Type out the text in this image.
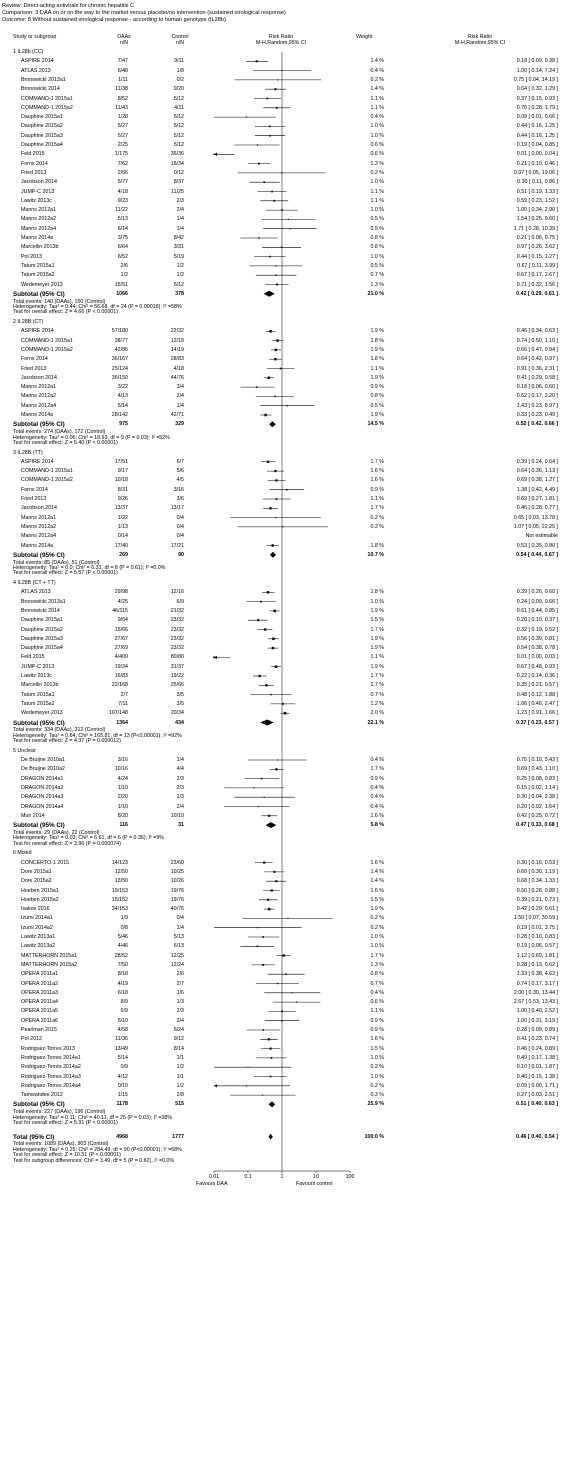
Review: Direct-acting antivirals for chronic hepatitis C
Comparison: 3 DAA on or on the way to the market versus placebo/no intervention (sustained virological response)
Outcome: 8 Without sustained virological response - according to human genotype (IL28b)
Study or subgroup	DAAs
n/N
Control
n/N
Risk Ratio
M-H,Random,95% CI
Weight	Risk Ratio
M-H,Random,95% CI
1 IL28b (CC)
ASPIRE 2014	7/47	9/11	1.4 %	0.18 [ 0.09, 0.38 ]
ATLAS 2013	6/48	1/8	0.4 %	1.00 [ 0.14, 7.24 ]
Bronowicki 2013a1	1/11	0/2	0.2 %	0.75 [ 0.04, 14.19 ]
Bronowicki 2014	11/38	9/20	1.4 %	0.64 [ 0.32, 1.29 ]
COMMAND-1 2015a1	8/52	5/12	1.1 %	0.37 [ 0.15, 0.93 ]
COMMAND-1 2015a2	11/43	4/11	1.1 %	0.70 [ 0.28, 1.79 ]
Dauphine 2015a1	1/28	5/12	0.4 %	0.09 [ 0.01, 0.66 ]
Dauphine 2015a2	5/27	5/12	1.0 %	0.44 [ 0.16, 1.25 ]
Dauphine 2015a3	5/27	5/12	1.0 %	0.44 [ 0.16, 1.25 ]
Dauphine 2015a4	2/25	5/12	0.6 %	0.19 [ 0.04, 0.85 ]
Feld 2015	1/175	36/36	0.6 %	0.01 [ 0.00, 0.04 ]
Forns 2014	7/62	18/34	1.3 %	0.21 [ 0.10, 0.46 ]
Fried 2013	2/66	0/12	0.2 %	0.97 [ 0.05, 19.06 ]
Jacobson 2014	5/77	8/37	1.0 %	0.30 [ 0.11, 0.86 ]
JUMP-C 2013	4/18	11/25	1.1 %	0.51 [ 0.19, 1.33 ]
Lawitz 2013c	9/23	2/3	1.1 %	0.59 [ 0.23, 1.52 ]
Manns 2012a1	11/22	2/4	1.0 %	1.00 [ 0.34, 2.90 ]
Manns 2012a2	5/13	1/4	0.5 %	1.54 [ 0.25, 9.60 ]
Manns 2012a4	6/14	1/4	0.5 %	1.71 [ 0.28, 10.39 ]
Manns 2014a	3/75	8/42	0.8 %	0.21 [ 0.06, 0.75 ]
Marcellin 2013b	6/64	3/31	0.8 %	0.97 [ 0.26, 3.62 ]
Pol 2013	6/52	5/19	1.0 %	0.44 [ 0.15, 1.27 ]
Tatum 2015a1	2/6	1/2	0.5 %	0.67 [ 0.11, 3.99 ]
Tatum 2015a2	1/2	1/2	0.7 %	0.67 [ 0.17, 2.67 ]
Wedemeyer 2013	15/51	5/12	1.3 %	0.71 [ 0.32, 1.56 ]
Subtotal (95% CI)	1066	378	21.0 %	0.42 [ 0.29, 0.61 ]
Total events: 140 (DAAs), 150 (Control)
Heterogeneity: Tau² = 0.44; Chi² = 56.68, df = 24 (P = 0.00018); I² =58%
Test for overall effect: Z = 4.66 (P < 0.00001)
2 IL28B (CT)
ASPIRE 2014	57/180	22/32	1.9 %	0.46 [ 0.34, 0.63 ]
COMMAND-1 2015a1	38/77	12/18	1.8 %	0.74 [ 0.50, 1.10 ]
COMMAND-1 2015a2	42/86	14/19	1.9 %	0.66 [ 0.47, 0.94 ]
Forns 2014	36/167	28/83	1.8 %	0.64 [ 0.42, 0.97 ]
Fried 2013	25/124	4/18	1.1 %	0.91 [ 0.36, 2.31 ]
Jacobson 2014	36/150	44/76	1.9 %	0.41 [ 0.29, 0.58 ]
Manns 2012a1	3/22	3/4	0.9 %	0.18 [ 0.06, 0.60 ]
Manns 2012a2	4/13	2/4	0.8 %	0.62 [ 0.17, 2.20 ]
Manns 2012a4	5/14	1/4	0.5 %	1.43 [ 0.23, 8.97 ]
Manns 2014a	28/142	42/71	1.9 %	0.33 [ 0.23, 0.49 ]
Subtotal (95% CI)	975	329	14.5 %	0.52 [ 0.42, 0.66 ]
Total events: 274 (DAAs), 172 (Control)
Heterogeneity: Tau² = 0.06; Chi² = 18.93, df = 9 (P = 0.03); I² =52%
Test for overall effect: Z = 5.40 (P < 0.00001)
3 IL28B (TT)
ASPIRE 2014	17/51	6/7	1.7 %	0.39 [ 0.24, 0.64 ]
COMMAND-1 2015a1	9/17	5/6	1.6 %	0.64 [ 0.36, 1.13 ]
COMMAND-1 2015a2	10/18	4/5	1.6 %	0.69 [ 0.38, 1.27 ]
Forns 2014	8/31	3/16	0.9 %	1.38 [ 0.42, 4.49 ]
Fried 2013	9/26	3/6	1.1 %	0.69 [ 0.27, 1.81 ]
Jacobson 2014	13/37	13/17	1.7 %	0.46 [ 0.28, 0.77 ]
Manns 2012a1	1/22	0/4	0.2 %	0.65 [ 0.03, 13.78 ]
Manns 2012a2	1/13	0/4	0.2 %	1.07 [ 0.05, 22.25 ]
Manns 2012a4	0/14	0/4	Not estimable
Manns 2014a	17/40	17/21	1.8 %	0.53 [ 0.35, 0.80 ]
Subtotal (95% CI)	269	90	10.7 %	0.54 [ 0.44, 0.67 ]
Total events: 85 (DAAs), 51 (Control)
Heterogeneity: Tau² = 0.0; Chi² = 6.31, df = 8 (P = 0.61); I² =0.0%
Test for overall effect: Z = 5.57 (P < 0.00001)
4 IL28B (CT + TT)
ATLAS 2013	29/98	12/16	1.8 %	0.39 [ 0.26, 0.60 ]
Bronowicki 2013a1	4/25	6/9	1.0 %	0.24 [ 0.09, 0.66 ]
Bronowicki 2014	46/115	21/32	1.9 %	0.61 [ 0.44, 0.85 ]
Dauphine 2015a1	9/64	23/32	1.5 %	0.20 [ 0.10, 0.37 ]
Dauphine 2015a2	15/66	23/32	1.7 %	0.32 [ 0.19, 0.52 ]
Dauphine 2015a3	27/67	23/32	1.9 %	0.56 [ 0.39, 0.81 ]
Dauphine 2015a4	27/69	23/32	1.9 %	0.54 [ 0.38, 0.78 ]
Feld 2015	4/409	80/80	1.1 %	0.01 [ 0.00, 0.03 ]
JUMP-C 2013	19/34	31/37	1.9 %	0.67 [ 0.48, 0.93 ]
Lawitz 2013c	16/83	19/22	1.7 %	0.22 [ 0.14, 0.36 ]
Marcellin 2013b	22/168	25/66	1.7 %	0.35 [ 0.21, 0.57 ]
Tatum 2015a1	2/7	3/5	0.7 %	0.48 [ 0.12, 1.88 ]
Tatum 2015a2	7/11	3/5	1.2 %	1.06 [ 0.46, 2.47 ]
Wedemeyer 2013	107/148	20/34	2.0 %	1.23 [ 0.91, 1.66 ]
Subtotal (95% CI)	1364	434	22.1 %	0.37 [ 0.23, 0.57 ]
Total events: 334 (DAAs), 312 (Control)
Heterogeneity: Tau² = 0.64; Chi² = 165.81, df = 13 (P<0.00001); I² =92%
Test for overall effect: Z = 4.37 (P = 0.000012)
5 Unclear
De Bruijne 2010a1	3/16	1/4	0.4 %	0.75 [ 0.10, 5.43 ]
De Bruijne 2010a2	10/16	4/4	1.7 %	0.69 [ 0.43, 1.10 ]
DRAGON 2014a1	4/24	2/3	0.9 %	0.25 [ 0.08, 0.83 ]
DRAGON 2014a2	1/10	2/3	0.4 %	0.15 [ 0.02, 1.14 ]
DRAGON 2014a3	2/20	1/3	0.4 %	0.30 [ 0.04, 2.38 ]
DRAGON 2014a4	1/10	2/4	0.4 %	0.20 [ 0.02, 1.64 ]
Muir 2014	8/20	10/10	1.6 %	0.42 [ 0.25, 0.72 ]
Subtotal (95% CI)	116	31	5.8 %	0.47 [ 0.33, 0.68 ]
Total events: 29 (DAAs), 22 (Control)
Heterogeneity: Tau² = 0.03; Chi² = 6.61, df = 6 (P = 0.36); I² =9%
Test for overall effect: Z = 3.96 (P = 0.000074)
6 Mixed
CONCERTO-1 2015	14/123	23/60	1.6 %	0.30 [ 0.16, 0.53 ]
Dore 2015a1	12/50	10/25	1.4 %	0.60 [ 0.30, 1.19 ]
Dore 2015a2	13/50	10/26	1.4 %	0.68 [ 0.34, 1.33 ]
Hoeben 2015a1	19/153	19/76	1.6 %	0.50 [ 0.28, 0.88 ]
Hoeben 2015a2	15/152	19/76	1.5 %	0.39 [ 0.21, 0.73 ]
Isakov 2016	34/153	40/76	1.9 %	0.42 [ 0.29, 0.61 ]
Izumi 2014a1	1/9	0/4	0.2 %	1.50 [ 0.07, 30.59 ]
Izumi 2014a2	0/8	1/4	0.2 %	0.19 [ 0.01, 3.75 ]
Lawitz 2013a1	5/46	5/13	1.0 %	0.28 [ 0.10, 0.83 ]
Lawitz 2013a2	4/46	6/13	1.0 %	0.19 [ 0.06, 0.57 ]
MATTERHORN 2015a1	28/52	12/25	1.7 %	1.12 [ 0.69, 1.81 ]
MATTERHORN 2015a2	7/50	12/24	1.3 %	0.28 [ 0.13, 0.62 ]
OPERA 2011a1	8/18	2/6	0.8 %	1.33 [ 0.38, 4.63 ]
OPERA 2011a2	4/19	2/7	0.7 %	0.74 [ 0.17, 3.17 ]
OPERA 2011a3	6/18	1/6	0.4 %	2.00 [ 0.30, 13.44 ]
OPERA 2011a4	8/9	1/3	0.6 %	2.67 [ 0.53, 13.43 ]
OPERA 2011a5	6/9	2/3	1.1 %	1.00 [ 0.40, 2.52 ]
OPERA 2011a6	5/10	2/4	0.9 %	1.00 [ 0.31, 3.19 ]
Pearlman 2015	4/58	6/24	0.9 %	0.28 [ 0.09, 0.89 ]
Pol 2012	11/36	9/12	1.6 %	0.41 [ 0.23, 0.74 ]
Rodriguez-Torres 2013	13/49	8/14	1.5 %	0.46 [ 0.24, 0.89 ]
Rodriguez-Torres 2014a1	5/14	1/1	1.0 %	0.49 [ 0.17, 1.38 ]
Rodriguez-Torres 2014a2	0/9	1/2	0.2 %	0.10 [ 0.01, 1.87 ]
Rodriguez-Torres 2014a3	4/12	1/1	1.0 %	0.46 [ 0.15, 1.38 ]
Rodriguez-Torres 2014a4	0/10	1/2	0.2 %	0.09 [ 0.00, 1.71 ]
Tamwandee 2012	1/15	2/8	0.3 %	0.27 [ 0.03, 2.51 ]
Subtotal (95% CI)	1178	515	25.9 %	0.51 [ 0.40, 0.63 ]
Total events: 227 (DAAs), 196 (Control)
Heterogeneity: Tau² = 0.11; Chi² = 40.11, df = 25 (P = 0.03); I² =38%
Test for overall effect: Z = 5.91 (P < 0.00001)
Total (95% CI)	4968	1777	100.0 %	0.46 [ 0.40, 0.54 ]
Total events: 1089 (DAAs), 903 (Control)
Heterogeneity: Tau² = 0.25; Chi² = 284.49, df = 90 (P<0.00001); I² =68%
Test for overall effect: Z = 10.51 (P < 0.00001)
Test for subgroup differences: Chi² = 3.49, df = 5 (P = 0.62), I² =0.0%
0.01	0.1	1	10	100
Favours DAA	Favours control
